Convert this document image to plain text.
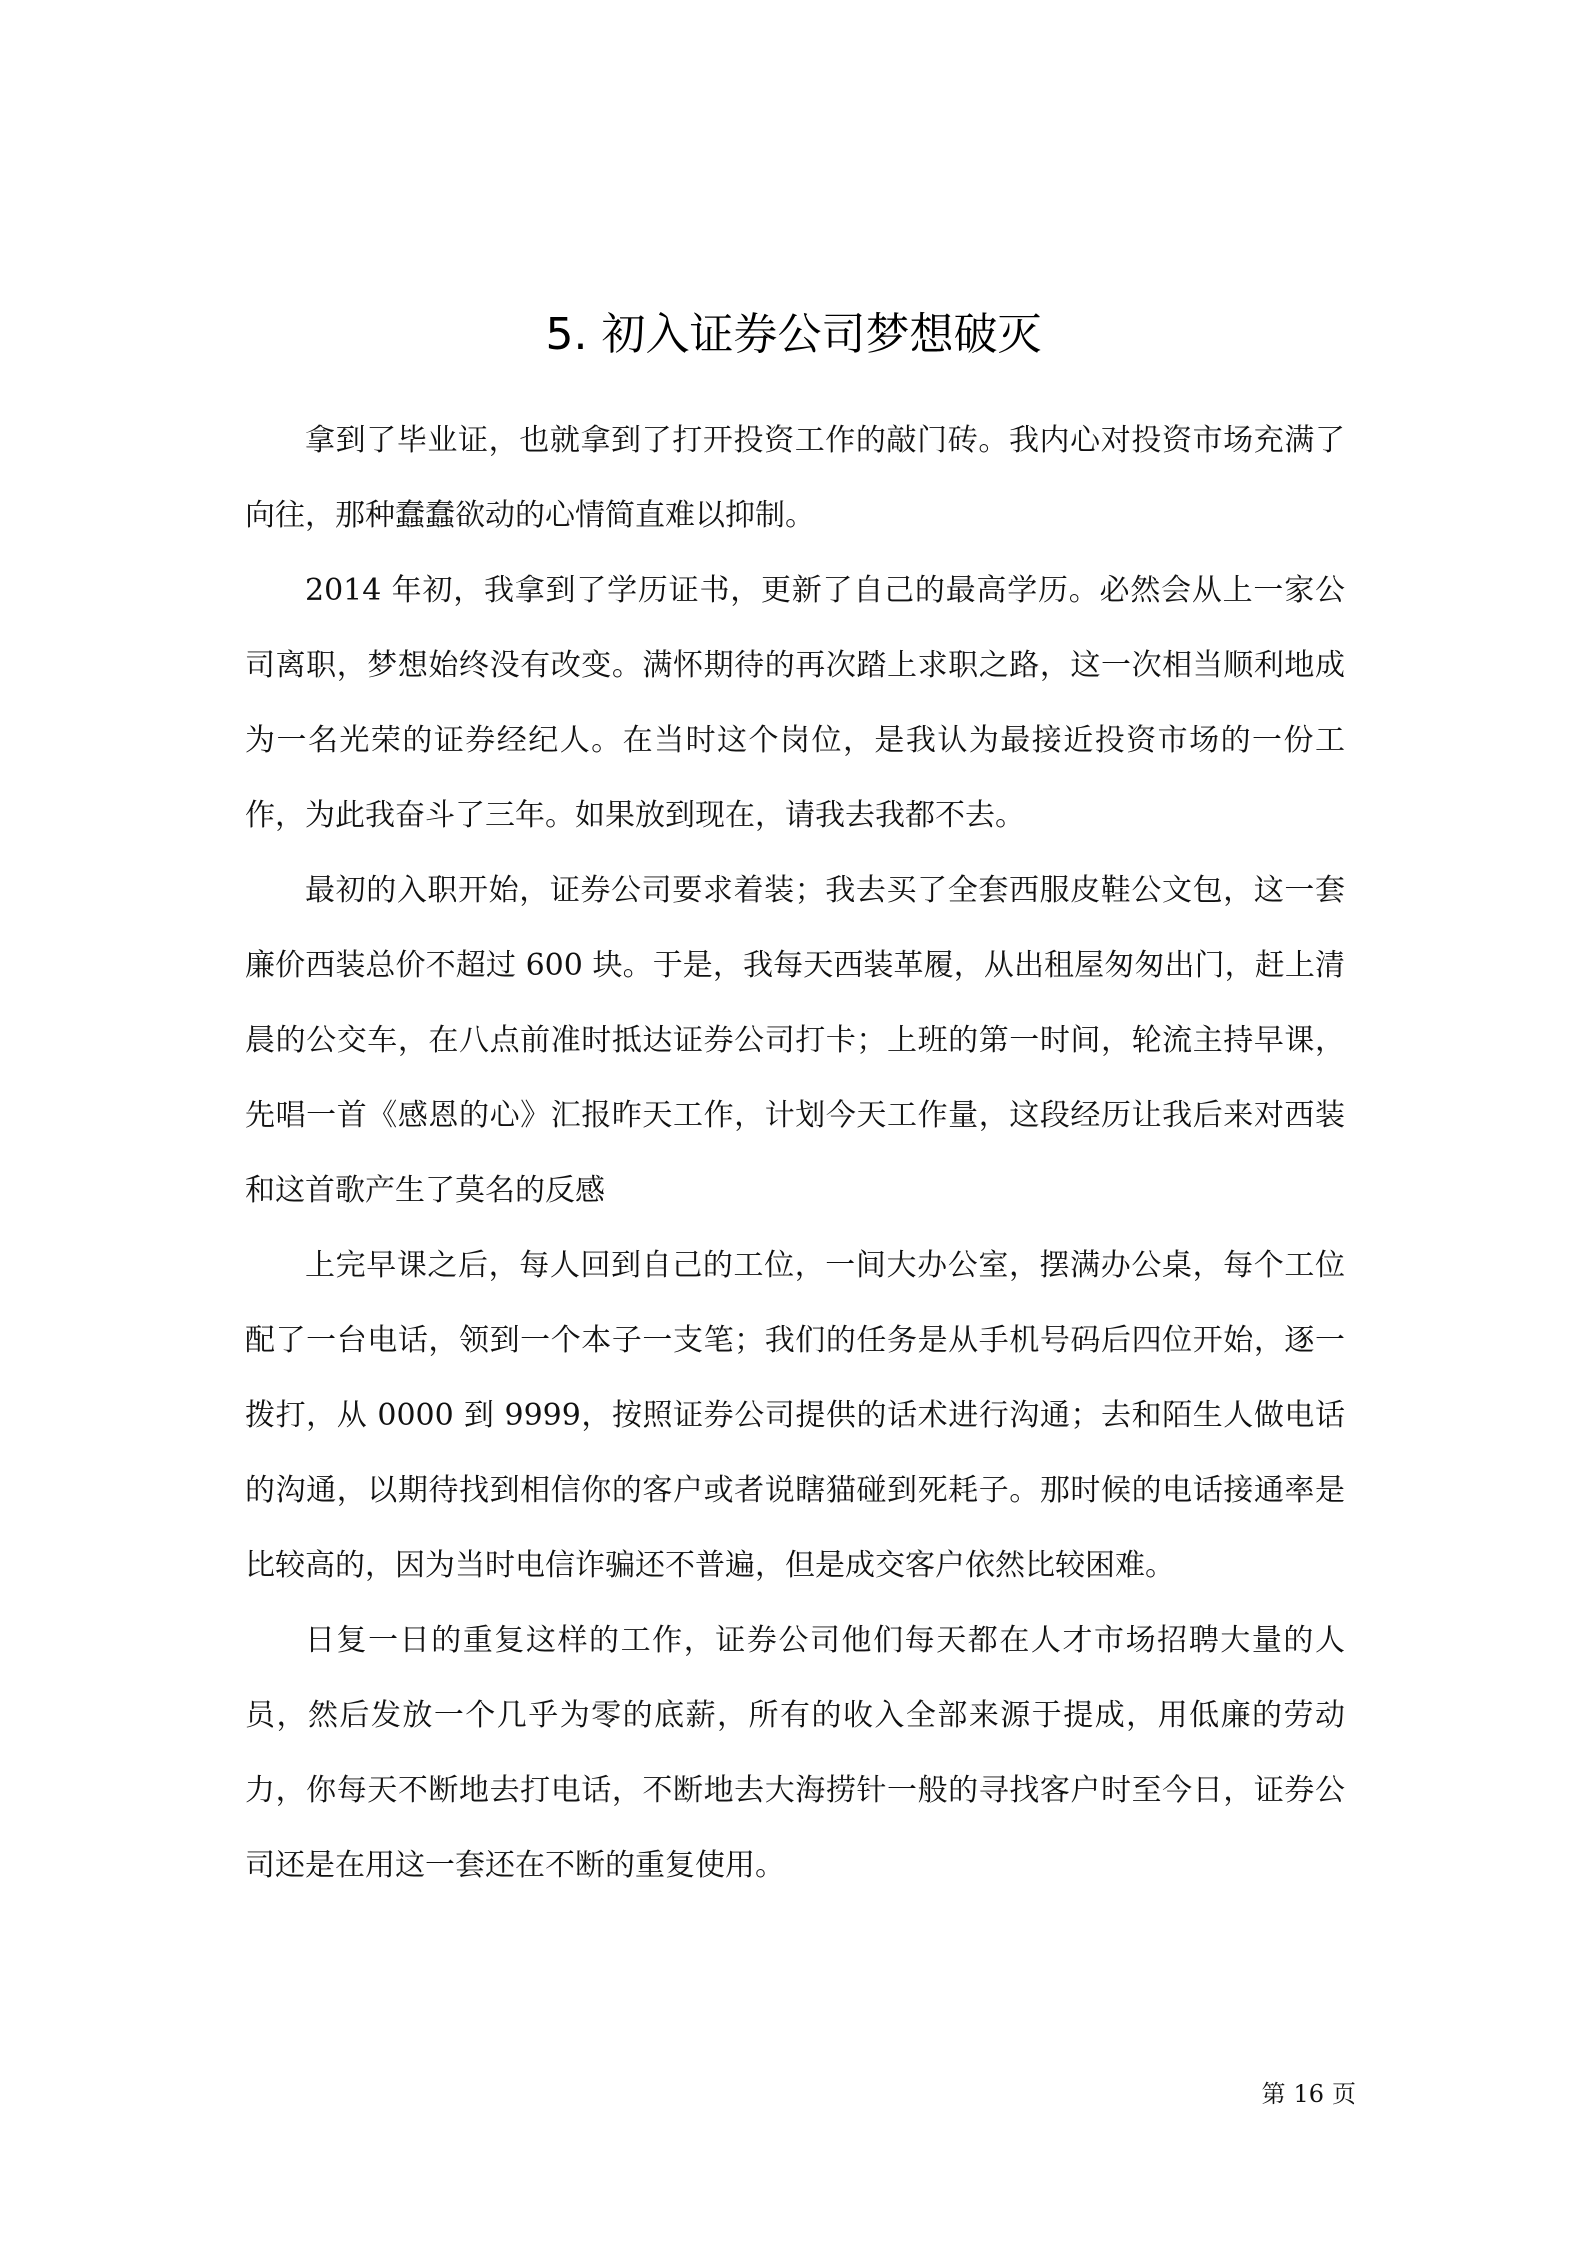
5. 初入证券公司梦想破灭

拿到了毕业证，也就拿到了打开投资工作的敲门砖。我内心对投资市场充满了向往，那种蠢蠢欲动的心情简直难以抑制。

2014 年初，我拿到了学历证书，更新了自己的最高学历。必然会从上一家公司离职，梦想始终没有改变。满怀期待的再次踏上求职之路，这一次相当顺利地成为一名光荣的证券经纪人。在当时这个岗位，是我认为最接近投资市场的一份工作，为此我奋斗了三年。如果放到现在，请我去我都不去。

最初的入职开始，证券公司要求着装；我去买了全套西服皮鞋公文包，这一套廉价西装总价不超过 600 块。于是，我每天西装革履，从出租屋匆匆出门，赶上清晨的公交车，在八点前准时抵达证券公司打卡；上班的第一时间，轮流主持早课，先唱一首《感恩的心》汇报昨天工作，计划今天工作量，这段经历让我后来对西装和这首歌产生了莫名的反感

上完早课之后，每人回到自己的工位，一间大办公室，摆满办公桌，每个工位配了一台电话，领到一个本子一支笔；我们的任务是从手机号码后四位开始，逐一拨打，从 0000 到 9999，按照证券公司提供的话术进行沟通；去和陌生人做电话的沟通，以期待找到相信你的客户或者说瞎猫碰到死耗子。那时候的电话接通率是比较高的，因为当时电信诈骗还不普遍，但是成交客户依然比较困难。

日复一日的重复这样的工作，证券公司他们每天都在人才市场招聘大量的人员，然后发放一个几乎为零的底薪，所有的收入全部来源于提成，用低廉的劳动力，你每天不断地去打电话，不断地去大海捞针一般的寻找客户时至今日，证券公司还是在用这一套还在不断的重复使用。

第 16 页
